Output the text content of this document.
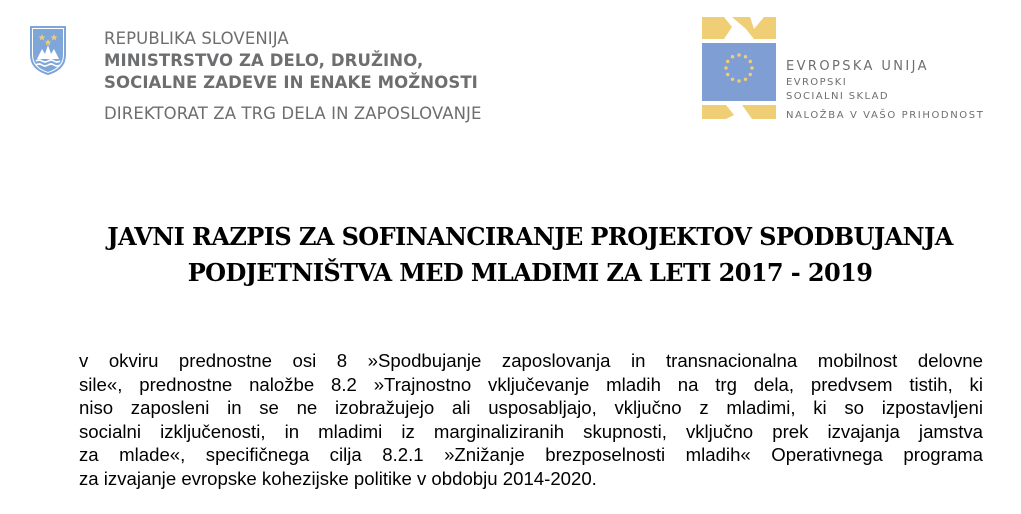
REPUBLIKA SLOVENIJA
MINISTRSTVO ZA DELO, DRUŽINO,
SOCIALNE ZADEVE IN ENAKE MOŽNOSTI
DIREKTORAT ZA TRG DELA IN ZAPOSLOVANJE
EVROPSKA UNIJA
EVROPSKI
SOCIALNI SKLAD
NALOŽBA V VAŠO PRIHODNOST
JAVNI RAZPIS ZA SOFINANCIRANJE PROJEKTOV SPODBUJANJA
PODJETNIŠTVA MED MLADIMI ZA LETI 2017 - 2019
v okviru prednostne osi 8 »Spodbujanje zaposlovanja in transnacionalna mobilnost delovne
sile«, prednostne naložbe 8.2 »Trajnostno vključevanje mladih na trg dela, predvsem tistih, ki
niso zaposleni in se ne izobražujejo ali usposabljajo, vključno z mladimi, ki so izpostavljeni
socialni izključenosti, in mladimi iz marginaliziranih skupnosti, vključno prek izvajanja jamstva
za mlade«, specifičnega cilja 8.2.1 »Znižanje brezposelnosti mladih« Operativnega programa
za izvajanje evropske kohezijske politike v obdobju 2014-2020.
